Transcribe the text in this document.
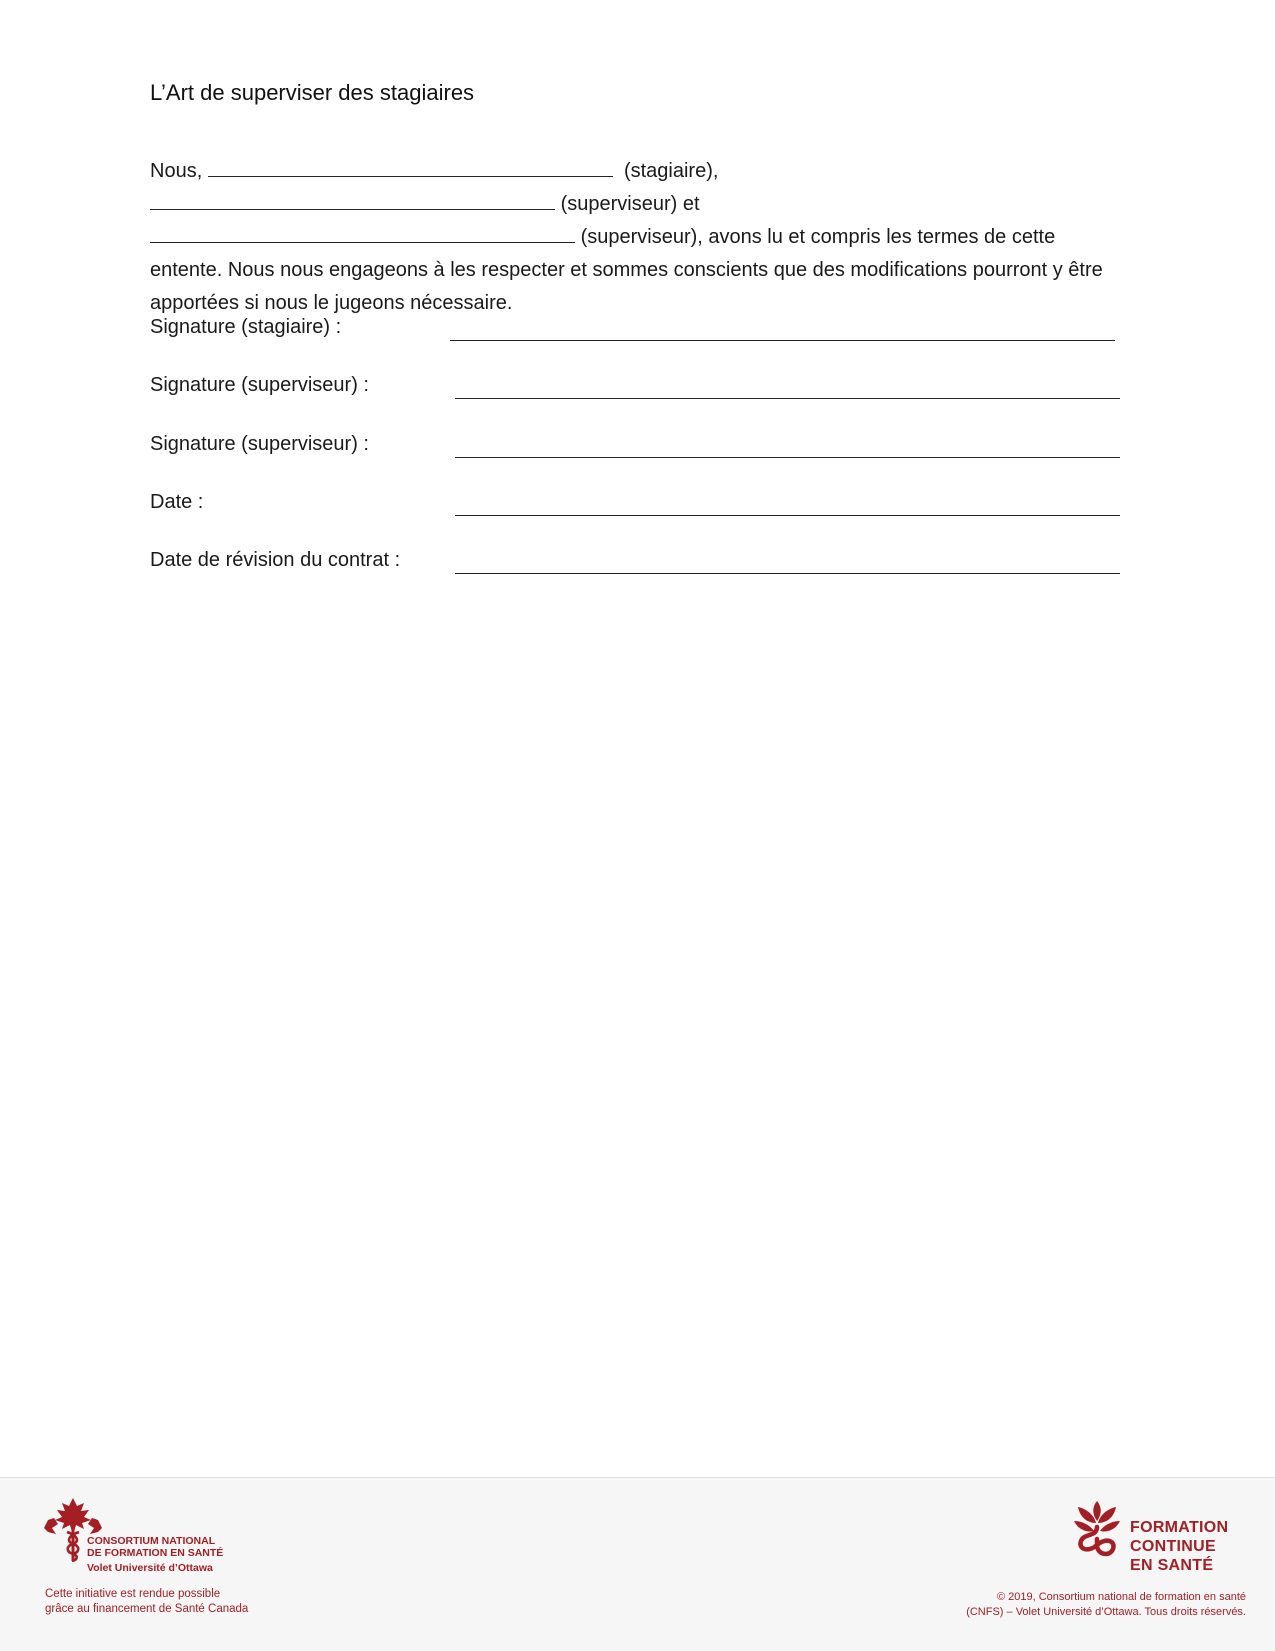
L’Art de superviser des stagiaires
Nous,	(stagiaire),  (superviseur) et  (superviseur), avons lu et compris les termes de cette entente. Nous nous engageons à les respecter et sommes conscients que des modifications pourront y être apportées si nous le jugeons nécessaire.
Signature (stagiaire) :
Signature (superviseur) :
Signature (superviseur) :
Date :
Date de révision du contrat :
CONSORTIUM NATIONAL
DE FORMATION EN SANTÉ
Volet Université d’Ottawa
Cette initiative est rendue possible
grâce au financement de Santé Canada
FORMATION
CONTINUE
EN SANTÉ
© 2019, Consortium national de formation en santé
(CNFS) – Volet Université d’Ottawa. Tous droits réservés.
